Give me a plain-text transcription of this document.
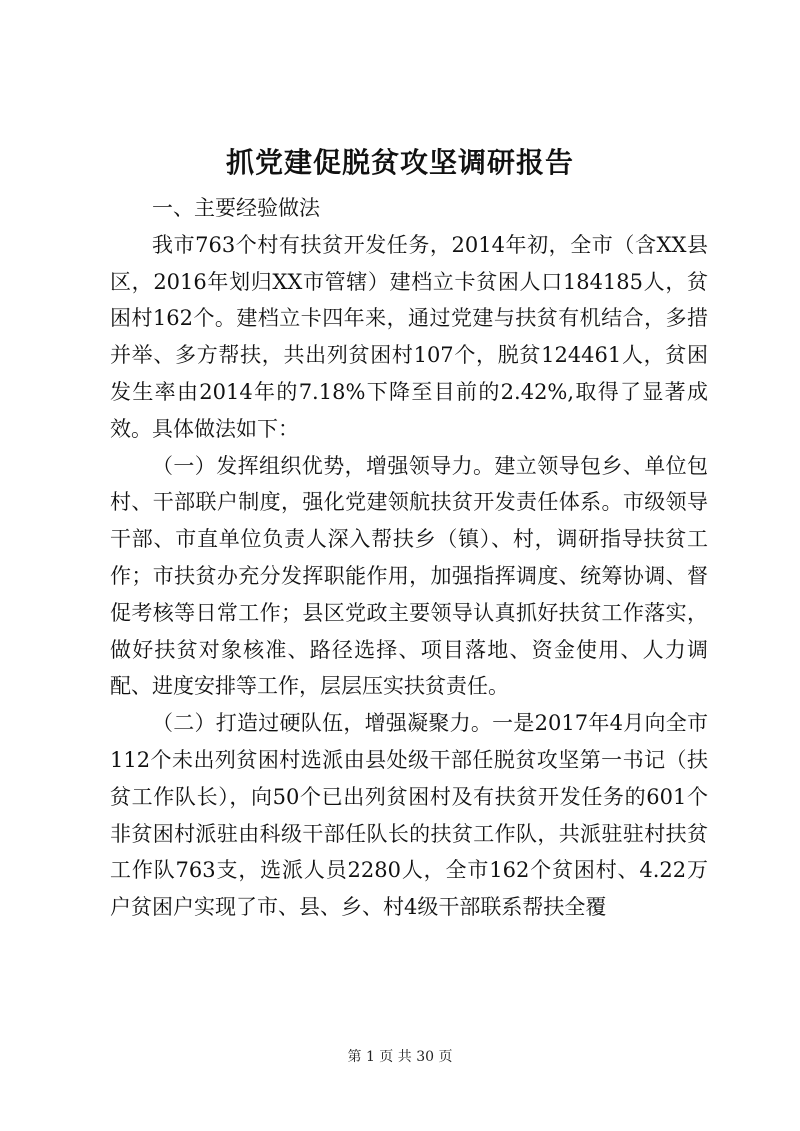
抓党建促脱贫攻坚调研报告

一、主要经验做法

我市763个村有扶贫开发任务，2014年初，全市（含XX县区，2016年划归XX市管辖）建档立卡贫困人口184185人，贫困村162个。建档立卡四年来，通过党建与扶贫有机结合，多措并举、多方帮扶，共出列贫困村107个，脱贫124461人，贫困发生率由2014年的7.18%下降至目前的2.42%,取得了显著成效。具体做法如下：

（一）发挥组织优势，增强领导力。建立领导包乡、单位包村、干部联户制度，强化党建领航扶贫开发责任体系。市级领导干部、市直单位负责人深入帮扶乡（镇）、村，调研指导扶贫工作；市扶贫办充分发挥职能作用，加强指挥调度、统筹协调、督促考核等日常工作；县区党政主要领导认真抓好扶贫工作落实，做好扶贫对象核准、路径选择、项目落地、资金使用、人力调配、进度安排等工作，层层压实扶贫责任。

（二）打造过硬队伍，增强凝聚力。一是2017年4月向全市112个未出列贫困村选派由县处级干部任脱贫攻坚第一书记（扶贫工作队长），向50个已出列贫困村及有扶贫开发任务的601个非贫困村派驻由科级干部任队长的扶贫工作队，共派驻驻村扶贫工作队763支，选派人员2280人，全市162个贫困村、4.22万户贫困户实现了市、县、乡、村4级干部联系帮扶全覆

第 1 页 共 30 页
